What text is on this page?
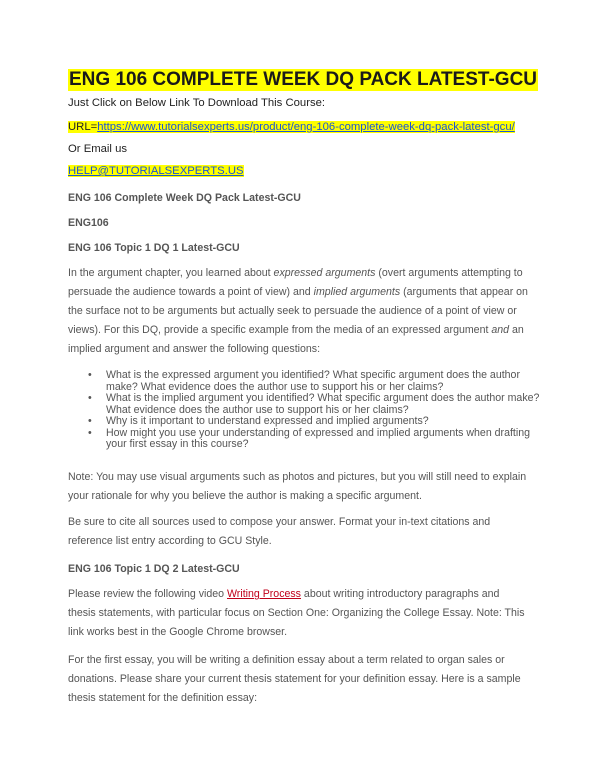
ENG 106 COMPLETE WEEK DQ PACK LATEST-GCU
Just Click on Below Link To Download This Course:
URL=https://www.tutorialsexperts.us/product/eng-106-complete-week-dq-pack-latest-gcu/
Or Email us
HELP@TUTORIALSEXPERTS.US
ENG 106 Complete Week DQ Pack Latest-GCU
ENG106
ENG 106 Topic 1 DQ 1 Latest-GCU
In the argument chapter, you learned about expressed arguments (overt arguments attempting to persuade the audience towards a point of view) and implied arguments (arguments that appear on the surface not to be arguments but actually seek to persuade the audience of a point of view or views). For this DQ, provide a specific example from the media of an expressed argument and an implied argument and answer the following questions:
• What is the expressed argument you identified? What specific argument does the author make? What evidence does the author use to support his or her claims?
• What is the implied argument you identified? What specific argument does the author make? What evidence does the author use to support his or her claims?
• Why is it important to understand expressed and implied arguments?
• How might you use your understanding of expressed and implied arguments when drafting your first essay in this course?
Note: You may use visual arguments such as photos and pictures, but you will still need to explain your rationale for why you believe the author is making a specific argument.
Be sure to cite all sources used to compose your answer. Format your in-text citations and reference list entry according to GCU Style.
ENG 106 Topic 1 DQ 2 Latest-GCU
Please review the following video Writing Process about writing introductory paragraphs and thesis statements, with particular focus on Section One: Organizing the College Essay. Note: This link works best in the Google Chrome browser.
For the first essay, you will be writing a definition essay about a term related to organ sales or donations. Please share your current thesis statement for your definition essay. Here is a sample thesis statement for the definition essay:
